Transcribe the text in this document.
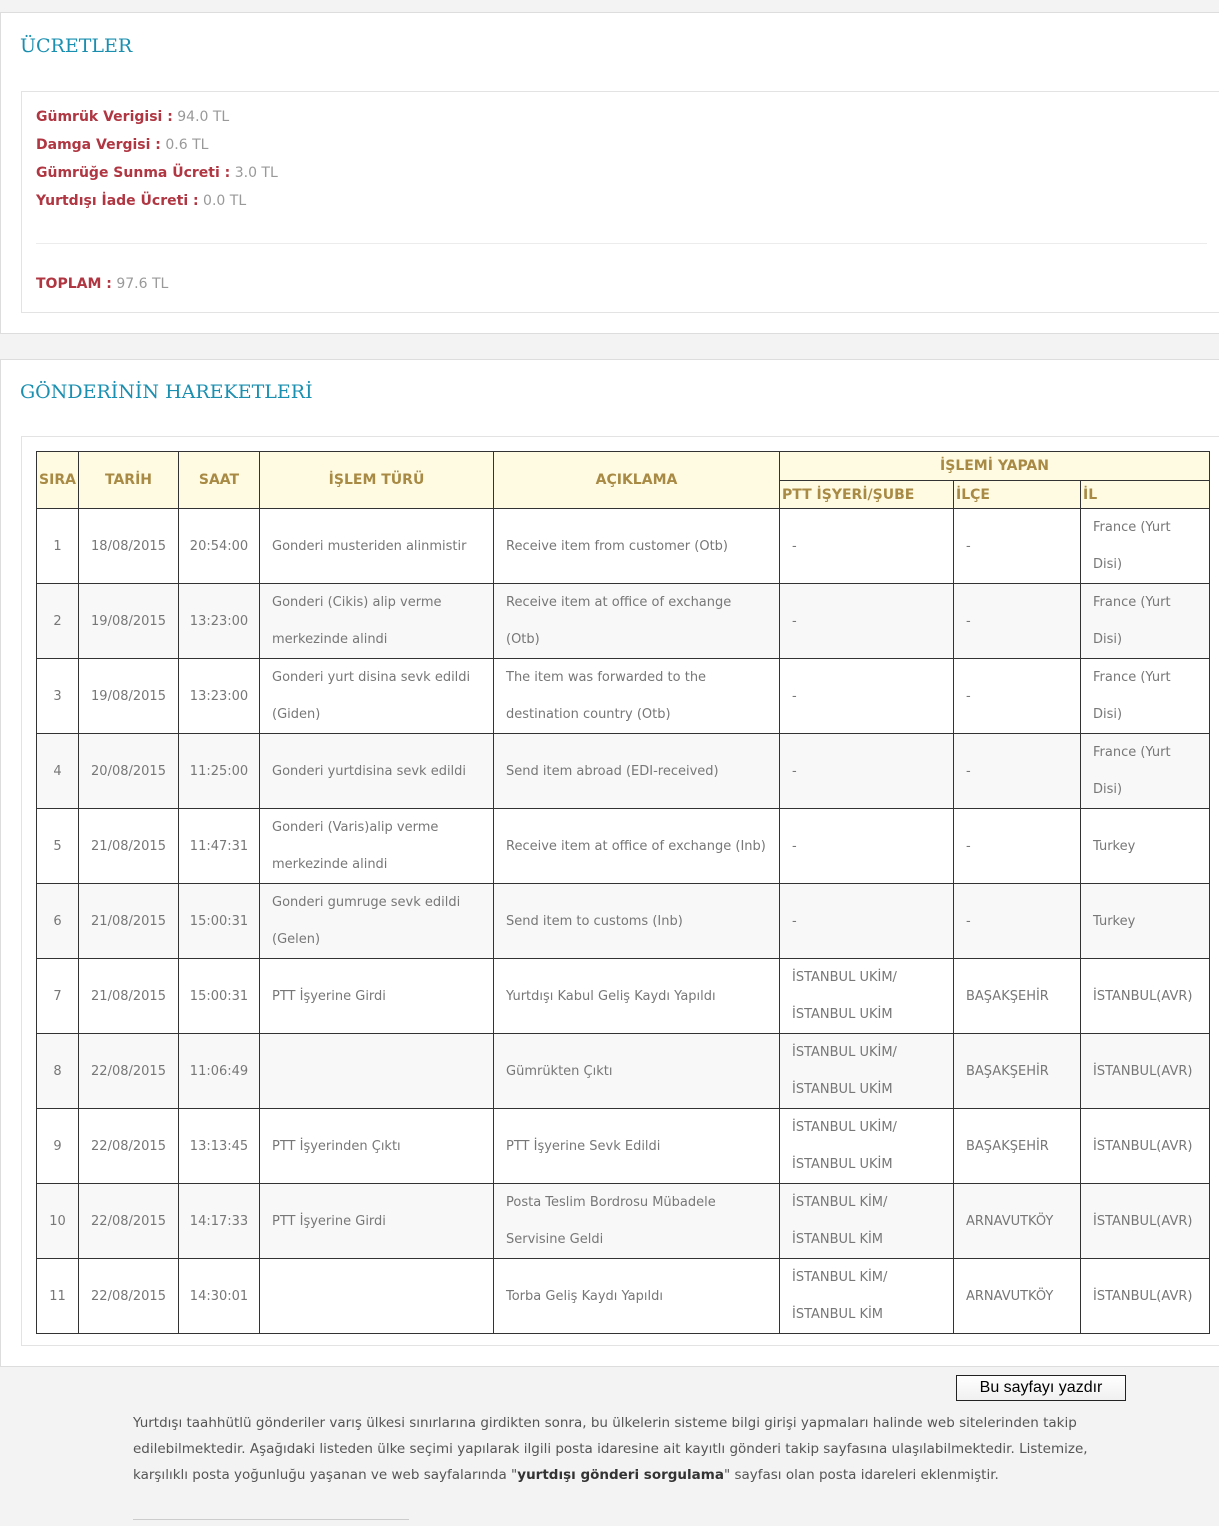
ÜCRETLER
Gümrük Verigisi : 94.0 TL
Damga Vergisi : 0.6 TL
Gümrüğe Sunma Ücreti : 3.0 TL
Yurtdışı İade Ücreti : 0.0 TL
TOPLAM : 97.6 TL
GÖNDERİNİN HAREKETLERİ
SIRA	TARİH	SAAT	İŞLEM TÜRÜ	AÇIKLAMA	İŞLEMİ YAPAN		
					PTT İŞYERİ/ŞUBE	İLÇE	İL
1	18/08/2015	20:54:00	Gonderi musteriden alinmistir	Receive item from customer (Otb)	-	-	France (Yurt Disi)
2	19/08/2015	13:23:00	Gonderi (Cikis) alip verme merkezinde alindi	Receive item at office of exchange (Otb)	-	-	France (Yurt Disi)
3	19/08/2015	13:23:00	Gonderi yurt disina sevk edildi (Giden)	The item was forwarded to the destination country (Otb)	-	-	France (Yurt Disi)
4	20/08/2015	11:25:00	Gonderi yurtdisina sevk edildi	Send item abroad (EDI-received)	-	-	France (Yurt Disi)
5	21/08/2015	11:47:31	Gonderi (Varis)alip verme merkezinde alindi	Receive item at office of exchange (Inb)	-	-	Turkey
6	21/08/2015	15:00:31	Gonderi gumruge sevk edildi (Gelen)	Send item to customs (Inb)	-	-	Turkey
7	21/08/2015	15:00:31	PTT İşyerine Girdi	Yurtdışı Kabul Geliş Kaydı Yapıldı	İSTANBUL UKİM/ İSTANBUL UKİM	BAŞAKŞEHİR	İSTANBUL(AVR)
8	22/08/2015	11:06:49		Gümrükten Çıktı	İSTANBUL UKİM/ İSTANBUL UKİM	BAŞAKŞEHİR	İSTANBUL(AVR)
9	22/08/2015	13:13:45	PTT İşyerinden Çıktı	PTT İşyerine Sevk Edildi	İSTANBUL UKİM/ İSTANBUL UKİM	BAŞAKŞEHİR	İSTANBUL(AVR)
10	22/08/2015	14:17:33	PTT İşyerine Girdi	Posta Teslim Bordrosu Mübadele Servisine Geldi	İSTANBUL KİM/ İSTANBUL KİM	ARNAVUTKÖY	İSTANBUL(AVR)
11	22/08/2015	14:30:01		Torba Geliş Kaydı Yapıldı	İSTANBUL KİM/ İSTANBUL KİM	ARNAVUTKÖY	İSTANBUL(AVR)
Bu sayfayı yazdır
Yurtdışı taahhütlü gönderiler varış ülkesi sınırlarına girdikten sonra, bu ülkelerin sisteme bilgi girişi yapmaları halinde web sitelerinden takip edilebilmektedir. Aşağıdaki listeden ülke seçimi yapılarak ilgili posta idaresine ait kayıtlı gönderi takip sayfasına ulaşılabilmektedir. Listemize, karşılıklı posta yoğunluğu yaşanan ve web sayfalarında "yurtdışı gönderi sorgulama" sayfası olan posta idareleri eklenmiştir.
